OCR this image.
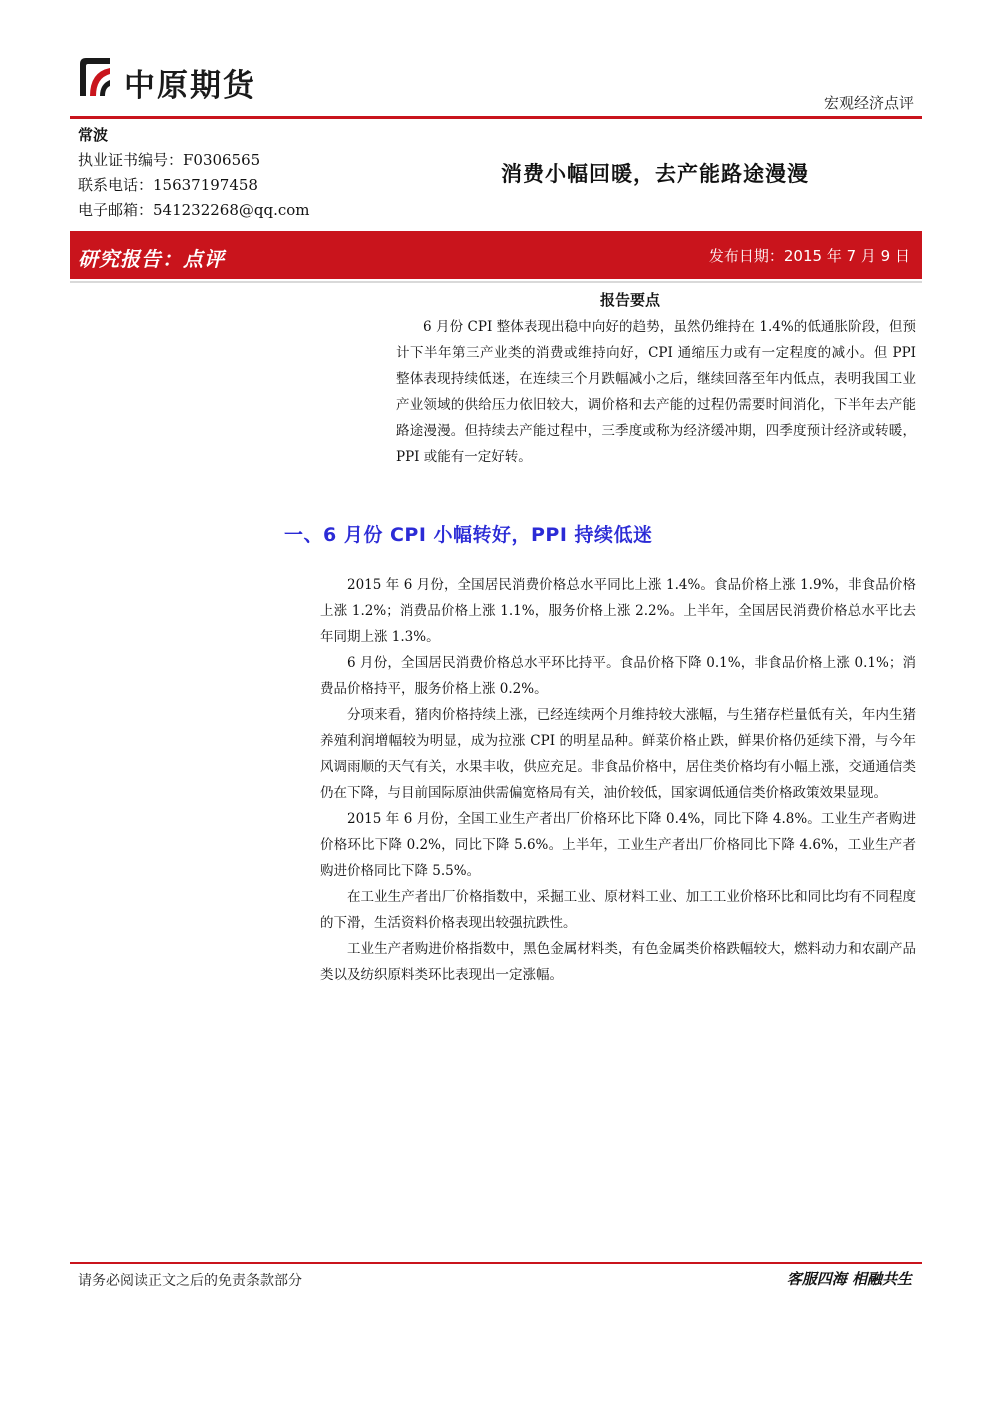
中原期货	宏观经济点评
常波
执业证书编号：F0306565
联系电话：15637197458
电子邮箱：541232268@qq.com
消费小幅回暖，去产能路途漫漫
研究报告：点评	发布日期：2015 年 7 月 9 日
报告要点

6 月份 CPI 整体表现出稳中向好的趋势，虽然仍维持在 1.4%的低通胀阶段，但预计下半年第三产业类的消费或维持向好，CPI 通缩压力或有一定程度的减小。但 PPI 整体表现持续低迷，在连续三个月跌幅减小之后，继续回落至年内低点，表明我国工业产业领域的供给压力依旧较大，调价格和去产能的过程仍需要时间消化，下半年去产能路途漫漫。但持续去产能过程中，三季度或称为经济缓冲期，四季度预计经济或转暖，PPI 或能有一定好转。

一、6 月份 CPI 小幅转好，PPI 持续低迷

2015 年 6 月份，全国居民消费价格总水平同比上涨 1.4%。食品价格上涨 1.9%，非食品价格上涨 1.2%；消费品价格上涨 1.1%，服务价格上涨 2.2%。上半年，全国居民消费价格总水平比去年同期上涨 1.3%。

6 月份，全国居民消费价格总水平环比持平。食品价格下降 0.1%，非食品价格上涨 0.1%；消费品价格持平，服务价格上涨 0.2%。

分项来看，猪肉价格持续上涨，已经连续两个月维持较大涨幅，与生猪存栏量低有关，年内生猪养殖利润增幅较为明显，成为拉涨 CPI 的明星品种。鲜菜价格止跌，鲜果价格仍延续下滑，与今年风调雨顺的天气有关，水果丰收，供应充足。非食品价格中，居住类价格均有小幅上涨，交通通信类仍在下降，与目前国际原油供需偏宽格局有关，油价较低，国家调低通信类价格政策效果显现。

2015 年 6 月份，全国工业生产者出厂价格环比下降 0.4%，同比下降 4.8%。工业生产者购进价格环比下降 0.2%，同比下降 5.6%。上半年，工业生产者出厂价格同比下降 4.6%，工业生产者购进价格同比下降 5.5%。

在工业生产者出厂价格指数中，采掘工业、原材料工业、加工工业价格环比和同比均有不同程度的下滑，生活资料价格表现出较强抗跌性。

工业生产者购进价格指数中，黑色金属材料类，有色金属类价格跌幅较大，燃料动力和农副产品类以及纺织原料类环比表现出一定涨幅。

请务必阅读正文之后的免责条款部分	客服四海 相融共生
